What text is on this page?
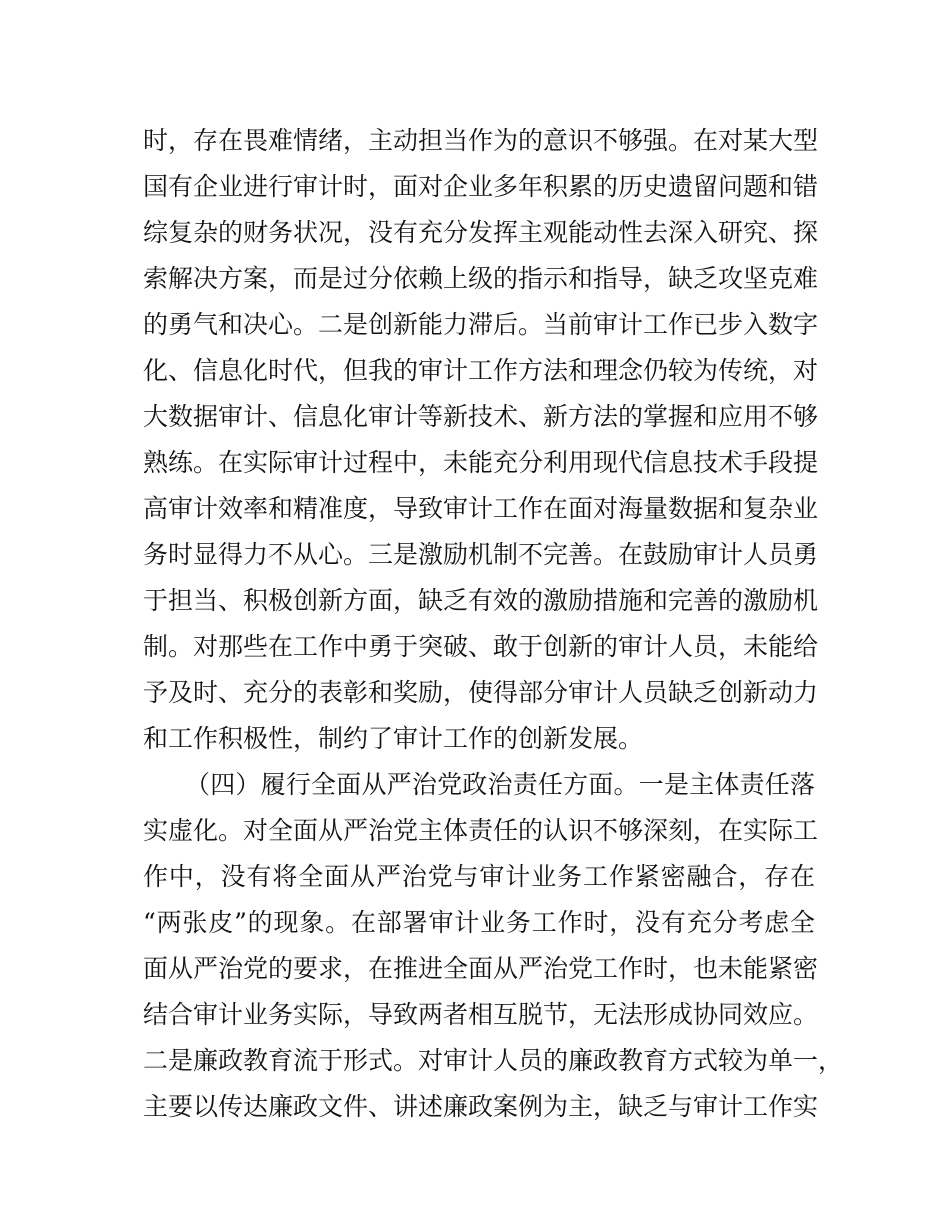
时，存在畏难情绪，主动担当作为的意识不够强。在对某大型
国有企业进行审计时，面对企业多年积累的历史遗留问题和错
综复杂的财务状况，没有充分发挥主观能动性去深入研究、探
索解决方案，而是过分依赖上级的指示和指导，缺乏攻坚克难
的勇气和决心。二是创新能力滞后。当前审计工作已步入数字
化、信息化时代，但我的审计工作方法和理念仍较为传统，对
大数据审计、信息化审计等新技术、新方法的掌握和应用不够
熟练。在实际审计过程中，未能充分利用现代信息技术手段提
高审计效率和精准度，导致审计工作在面对海量数据和复杂业
务时显得力不从心。三是激励机制不完善。在鼓励审计人员勇
于担当、积极创新方面，缺乏有效的激励措施和完善的激励机
制。对那些在工作中勇于突破、敢于创新的审计人员，未能给
予及时、充分的表彰和奖励，使得部分审计人员缺乏创新动力
和工作积极性，制约了审计工作的创新发展。
（四）履行全面从严治党政治责任方面。一是主体责任落
实虚化。对全面从严治党主体责任的认识不够深刻，在实际工
作中，没有将全面从严治党与审计业务工作紧密融合，存在
“两张皮”的现象。在部署审计业务工作时，没有充分考虑全
面从严治党的要求，在推进全面从严治党工作时，也未能紧密
结合审计业务实际，导致两者相互脱节，无法形成协同效应。
二是廉政教育流于形式。对审计人员的廉政教育方式较为单一，
主要以传达廉政文件、讲述廉政案例为主，缺乏与审计工作实
